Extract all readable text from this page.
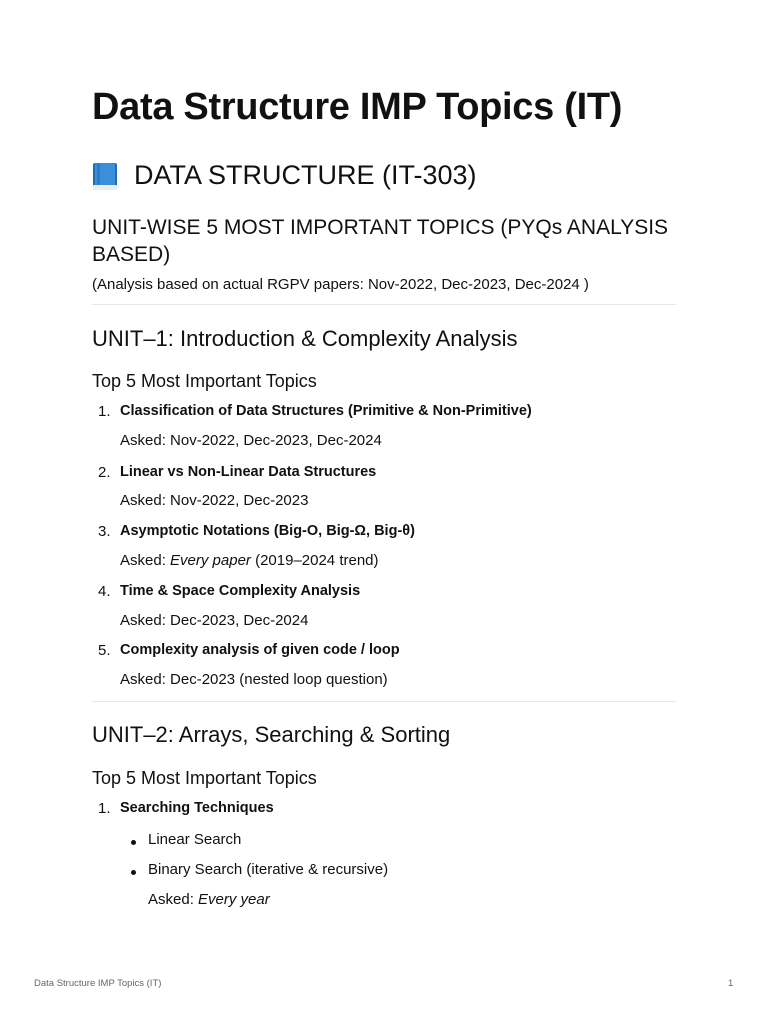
Data Structure IMP Topics (IT)
DATA STRUCTURE (IT-303)
UNIT-WISE 5 MOST IMPORTANT TOPICS (PYQs ANALYSIS BASED)

(Analysis based on actual RGPV papers: Nov-2022, Dec-2023, Dec-2024 )

UNIT–1: Introduction & Complexity Analysis
Top 5 Most Important Topics
1. Classification of Data Structures (Primitive & Non-Primitive)
Asked: Nov-2022, Dec-2023, Dec-2024
2. Linear vs Non-Linear Data Structures
Asked: Nov-2022, Dec-2023
3. Asymptotic Notations (Big-O, Big-Ω, Big-θ)
Asked: Every paper (2019–2024 trend)
4. Time & Space Complexity Analysis
Asked: Dec-2023, Dec-2024
5. Complexity analysis of given code / loop
Asked: Dec-2023 (nested loop question)
UNIT–2: Arrays, Searching & Sorting
Top 5 Most Important Topics
1. Searching Techniques
Linear Search
Binary Search (iterative & recursive)
Asked: Every year
Data Structure IMP Topics (IT)	1
